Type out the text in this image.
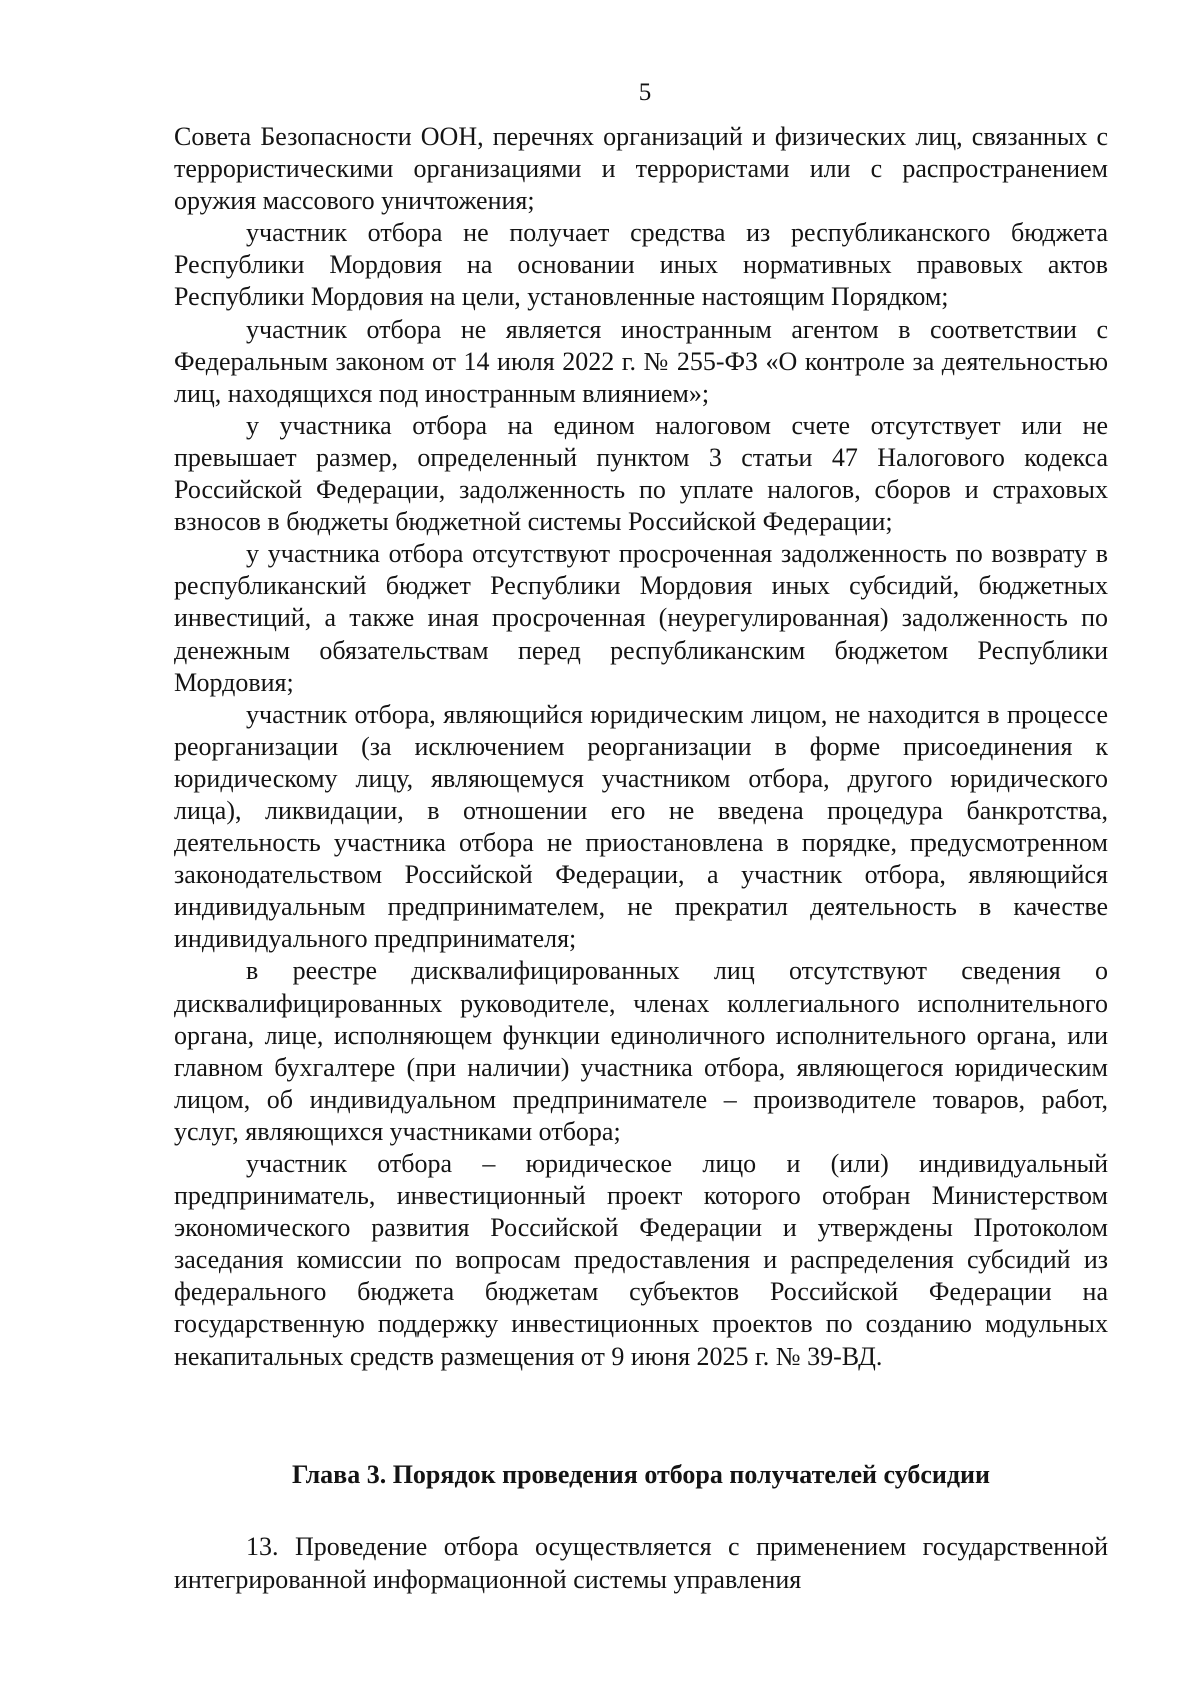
5

Совета Безопасности ООН, перечнях организаций и физических лиц, связанных с террористическими организациями и террористами или с распространением оружия массового уничтожения;

участник отбора не получает средства из республиканского бюджета Республики Мордовия на основании иных нормативных правовых актов Республики Мордовия на цели, установленные настоящим Порядком;

участник отбора не является иностранным агентом в соответствии с Федеральным законом от 14 июля 2022 г. № 255-ФЗ «О контроле за деятельностью лиц, находящихся под иностранным влиянием»;

у участника отбора на едином налоговом счете отсутствует или не превышает размер, определенный пунктом 3 статьи 47 Налогового кодекса Российской Федерации, задолженность по уплате налогов, сборов и страховых взносов в бюджеты бюджетной системы Российской Федерации;

у участника отбора отсутствуют просроченная задолженность по возврату в республиканский бюджет Республики Мордовия иных субсидий, бюджетных инвестиций, а также иная просроченная (неурегулированная) задолженность по денежным обязательствам перед республиканским бюджетом Республики Мордовия;

участник отбора, являющийся юридическим лицом, не находится в процессе реорганизации (за исключением реорганизации в форме присоединения к юридическому лицу, являющемуся участником отбора, другого юридического лица), ликвидации, в отношении его не введена процедура банкротства, деятельность участника отбора не приостановлена в порядке, предусмотренном законодательством Российской Федерации, а участник отбора, являющийся индивидуальным предпринимателем, не прекратил деятельность в качестве индивидуального предпринимателя;

в реестре дисквалифицированных лиц отсутствуют сведения о дисквалифицированных руководителе, членах коллегиального исполнительного органа, лице, исполняющем функции единоличного исполнительного органа, или главном бухгалтере (при наличии) участника отбора, являющегося юридическим лицом, об индивидуальном предпринимателе – производителе товаров, работ, услуг, являющихся участниками отбора;

участник отбора – юридическое лицо и (или) индивидуальный предприниматель, инвестиционный проект которого отобран Министерством экономического развития Российской Федерации и утверждены Протоколом заседания комиссии по вопросам предоставления и распределения субсидий из федерального бюджета бюджетам субъектов Российской Федерации на государственную поддержку инвестиционных проектов по созданию модульных некапитальных средств размещения от 9 июня 2025 г. № 39-ВД.

Глава 3. Порядок проведения отбора получателей субсидии

13. Проведение отбора осуществляется с применением государственной интегрированной информационной системы управления
